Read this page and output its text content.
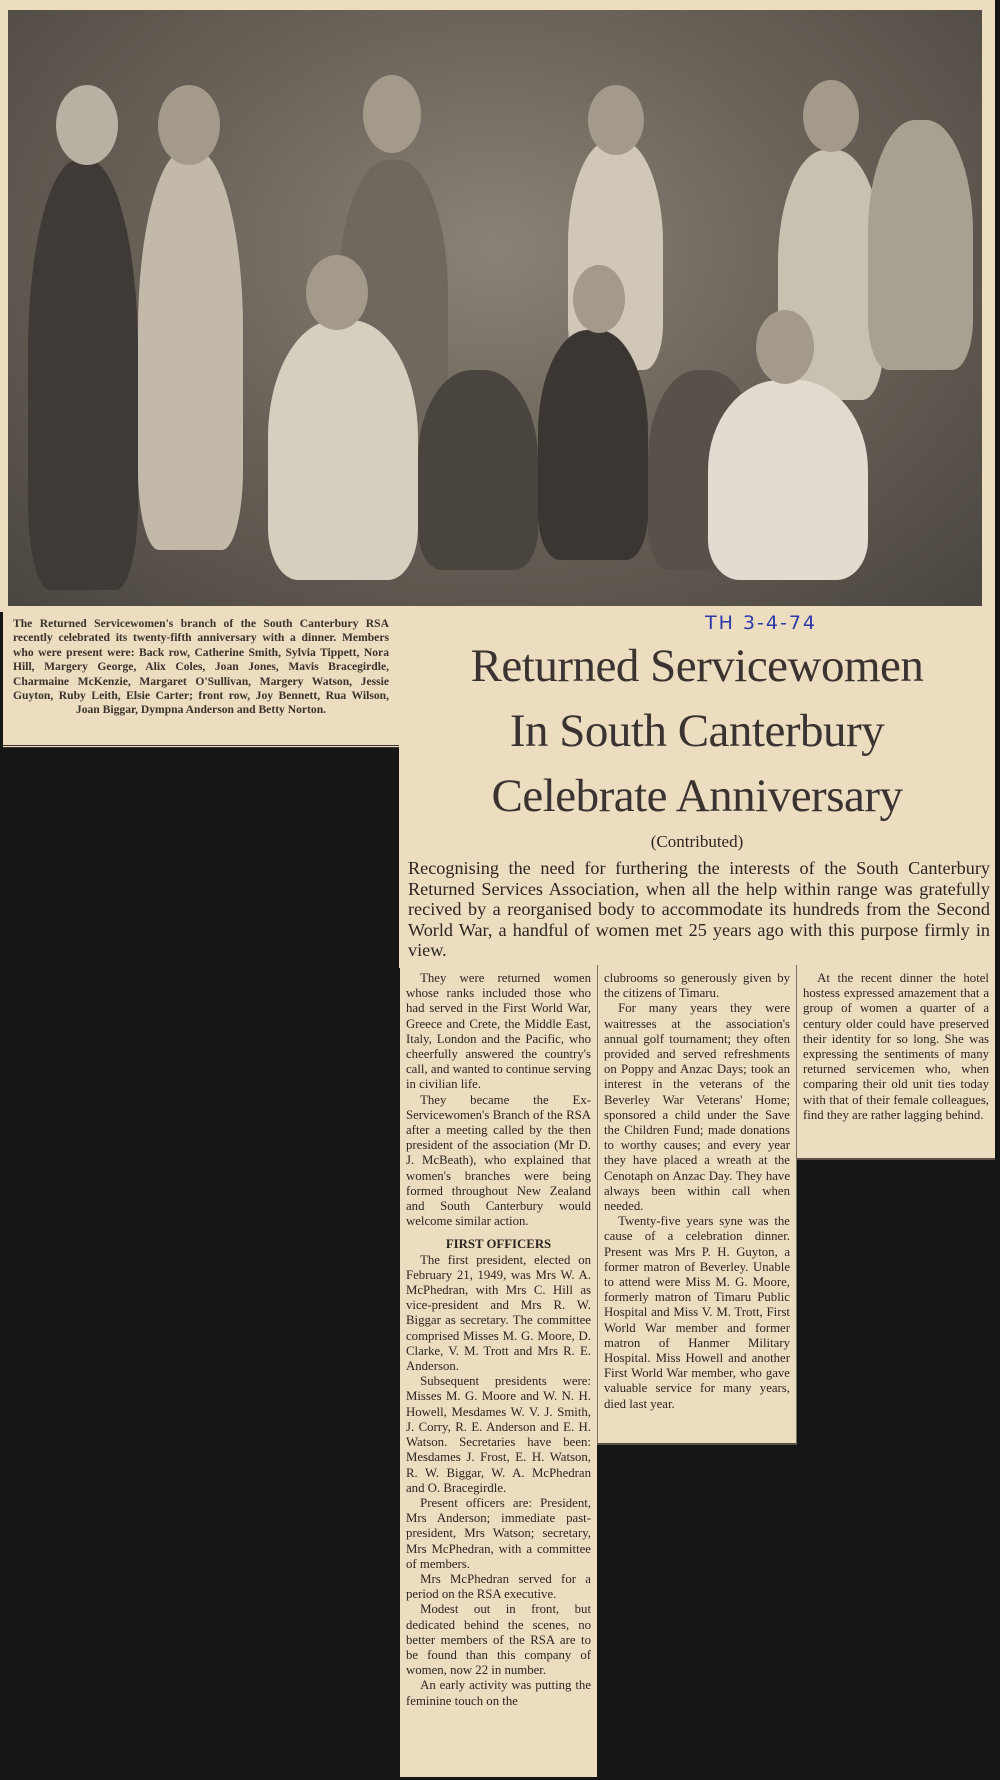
The Returned Servicewomen's branch of the South Canterbury RSA recently celebrated its twenty-fifth anniversary with a dinner. Members who were present were: Back row, Catherine Smith, Sylvia Tippett, Nora Hill, Margery George, Alix Coles, Joan Jones, Mavis Bracegirdle, Charmaine McKenzie, Margaret O'Sullivan, Margery Watson, Jessie Guyton, Ruby Leith, Elsie Carter; front row, Joy Bennett, Rua Wilson, Joan Biggar, Dympna Anderson and Betty Norton.

TH 3-4-74
Returned Servicewomen
In South Canterbury
Celebrate Anniversary
(Contributed)

Recognising the need for furthering the interests of the South Canterbury Returned Services Association, when all the help within range was gratefully recived by a reorganised body to accommodate its hundreds from the Second World War, a handful of women met 25 years ago with this purpose firmly in view.

They were returned women whose ranks included those who had served in the First World War, Greece and Crete, the Middle East, Italy, London and the Pacific, who cheerfully answered the country's call, and wanted to continue serving in civilian life.

They became the Ex-Servicewomen's Branch of the RSA after a meeting called by the then president of the association (Mr D. J. McBeath), who explained that women's branches were being formed throughout New Zealand and South Canterbury would welcome similar action.

FIRST OFFICERS

The first president, elected on February 21, 1949, was Mrs W. A. McPhedran, with Mrs C. Hill as vice-president and Mrs R. W. Biggar as secretary. The committee comprised Misses M. G. Moore, D. Clarke, V. M. Trott and Mrs R. E. Anderson.

Subsequent presidents were: Misses M. G. Moore and W. N. H. Howell, Mesdames W. V. J. Smith, J. Corry, R. E. Anderson and E. H. Watson. Secretaries have been: Mesdames J. Frost, E. H. Watson, R. W. Biggar, W. A. McPhedran and O. Bracegirdle.

Present officers are: President, Mrs Anderson; immediate past-president, Mrs Watson; secretary, Mrs McPhedran, with a committee of members.

Mrs McPhedran served for a period on the RSA executive.

Modest out in front, but dedicated behind the scenes, no better members of the RSA are to be found than this company of women, now 22 in number.

An early activity was putting the feminine touch on the

clubrooms so generously given by the citizens of Timaru.

For many years they were waitresses at the association's annual golf tournament; they often provided and served refreshments on Poppy and Anzac Days; took an interest in the veterans of the Beverley War Veterans' Home; sponsored a child under the Save the Children Fund; made donations to worthy causes; and every year they have placed a wreath at the Cenotaph on Anzac Day. They have always been within call when needed.

Twenty-five years syne was the cause of a celebration dinner. Present was Mrs P. H. Guyton, a former matron of Beverley. Unable to attend were Miss M. G. Moore, formerly matron of Timaru Public Hospital and Miss V. M. Trott, First World War member and former matron of Hanmer Military Hospital. Miss Howell and another First World War member, who gave valuable service for many years, died last year.

At the recent dinner the hotel hostess expressed amazement that a group of women a quarter of a century older could have preserved their identity for so long. She was expressing the sentiments of many returned servicemen who, when comparing their old unit ties today with that of their female colleagues, find they are rather lagging behind.
